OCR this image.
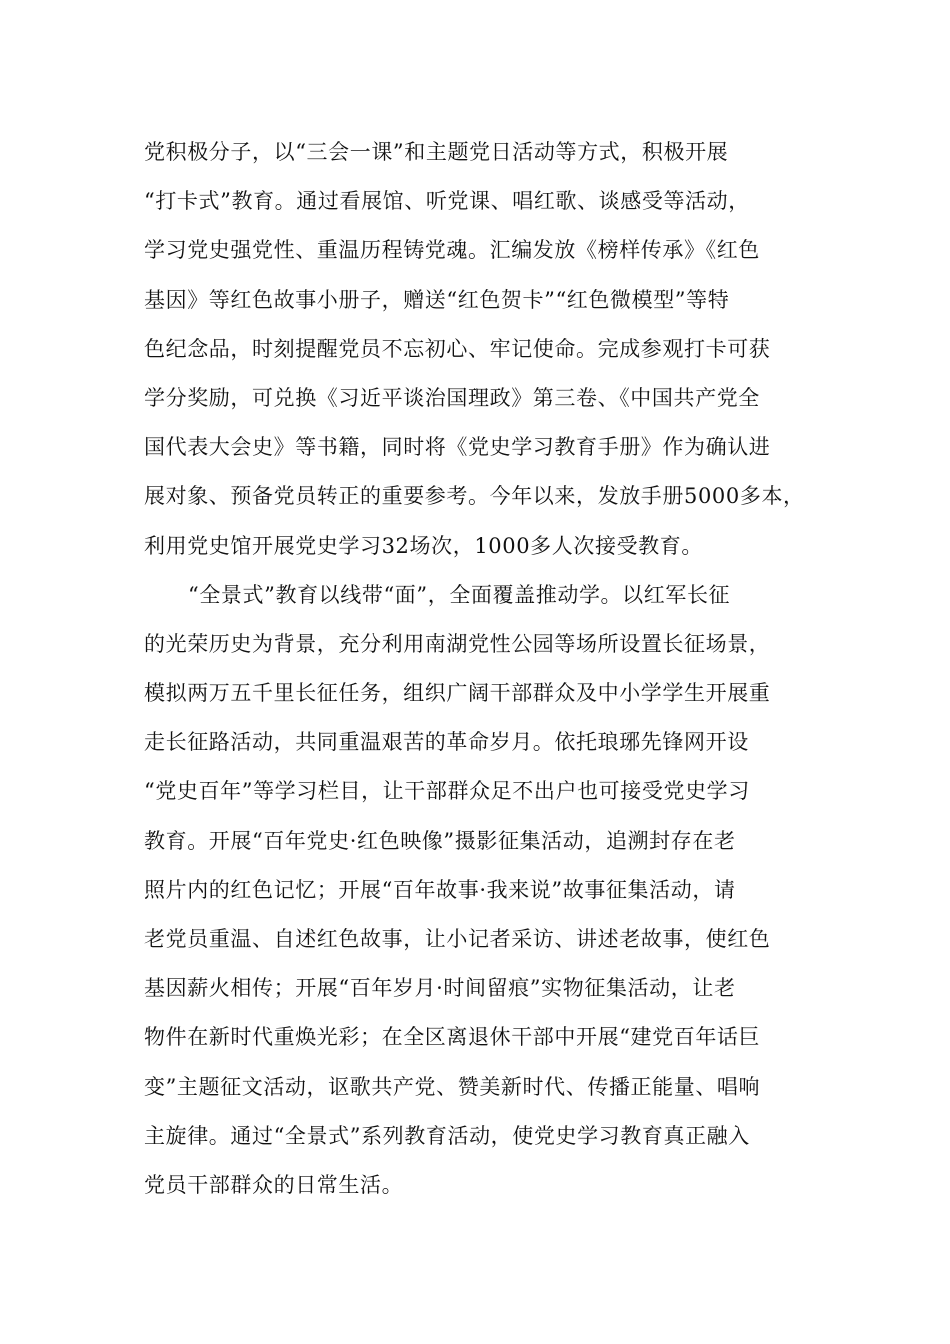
党积极分子，以“三会一课”和主题党日活动等方式，积极开展
“打卡式”教育。通过看展馆、听党课、唱红歌、谈感受等活动，
学习党史强党性、重温历程铸党魂。汇编发放《榜样传承》《红色
基因》等红色故事小册子，赠送“红色贺卡”“红色微模型”等特
色纪念品，时刻提醒党员不忘初心、牢记使命。完成参观打卡可获
学分奖励，可兑换《习近平谈治国理政》第三卷、《中国共产党全
国代表大会史》等书籍，同时将《党史学习教育手册》作为确认进
展对象、预备党员转正的重要参考。今年以来，发放手册5000多本，
利用党史馆开展党史学习32场次，1000多人次接受教育。
“全景式”教育以线带“面”，全面覆盖推动学。以红军长征
的光荣历史为背景，充分利用南湖党性公园等场所设置长征场景，
模拟两万五千里长征任务，组织广阔干部群众及中小学学生开展重
走长征路活动，共同重温艰苦的革命岁月。依托琅琊先锋网开设
“党史百年”等学习栏目，让干部群众足不出户也可接受党史学习
教育。开展“百年党史·红色映像”摄影征集活动，追溯封存在老
照片内的红色记忆；开展“百年故事·我来说”故事征集活动，请
老党员重温、自述红色故事，让小记者采访、讲述老故事，使红色
基因薪火相传；开展“百年岁月·时间留痕”实物征集活动，让老
物件在新时代重焕光彩；在全区离退休干部中开展“建党百年话巨
变”主题征文活动，讴歌共产党、赞美新时代、传播正能量、唱响
主旋律。通过“全景式”系列教育活动，使党史学习教育真正融入
党员干部群众的日常生活。
